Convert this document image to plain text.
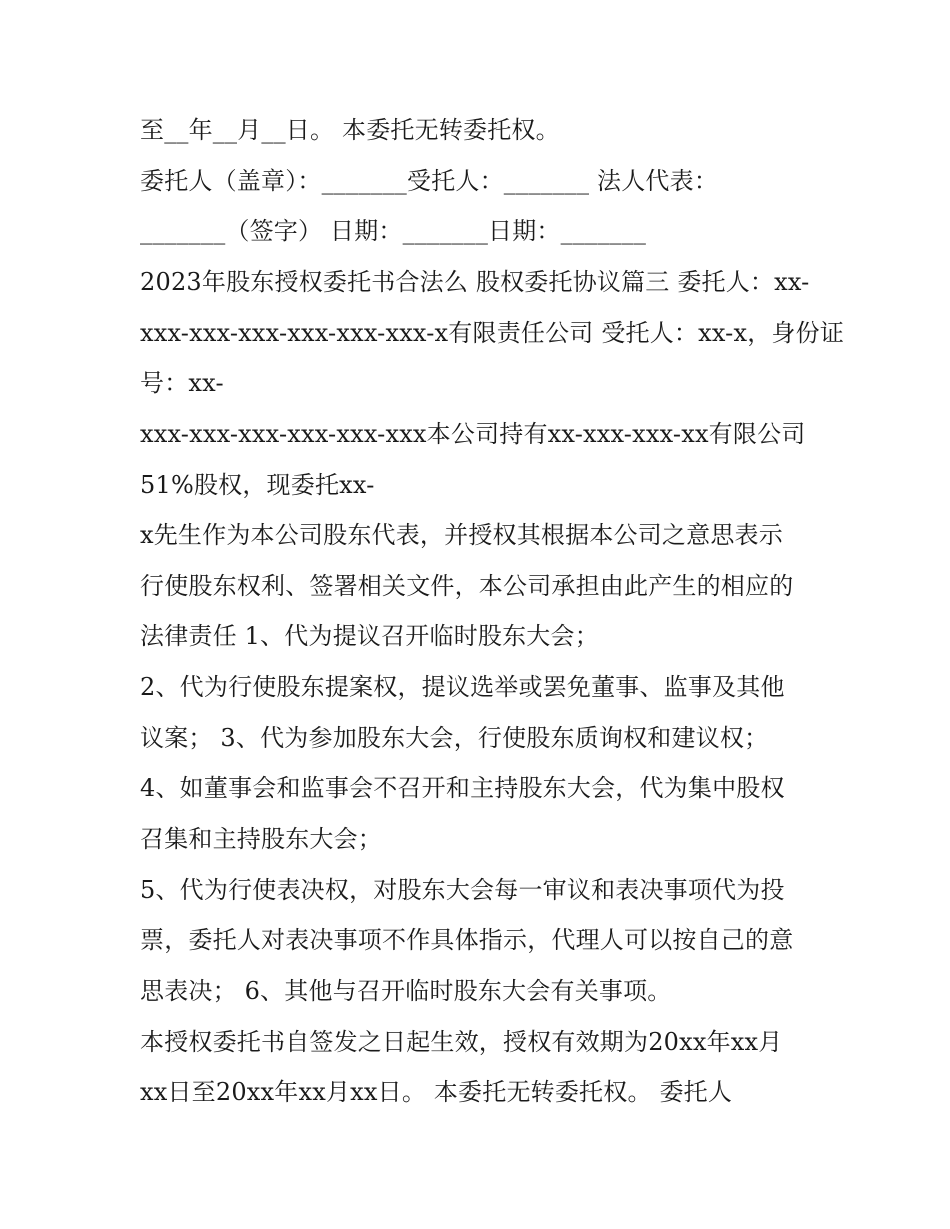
至__年__月__日。 本委托无转委托权。
委托人（盖章）：_______受托人：_______ 法人代表：
_______（签字） 日期：_______日期：_______
2023年股东授权委托书合法么 股权委托协议篇三 委托人：xx-
xxx-xxx-xxx-xxx-xxx-xxx-x有限责任公司 受托人：xx-x，身份证
号：xx-
xxx-xxx-xxx-xxx-xxx-xxx本公司持有xx-xxx-xxx-xx有限公司
51%股权，现委托xx-
x先生作为本公司股东代表，并授权其根据本公司之意思表示
行使股东权利、签署相关文件，本公司承担由此产生的相应的
法律责任 1、代为提议召开临时股东大会；
2、代为行使股东提案权，提议选举或罢免董事、监事及其他
议案； 3、代为参加股东大会，行使股东质询权和建议权；
4、如董事会和监事会不召开和主持股东大会，代为集中股权
召集和主持股东大会；
5、代为行使表决权，对股东大会每一审议和表决事项代为投
票，委托人对表决事项不作具体指示，代理人可以按自己的意
思表决； 6、其他与召开临时股东大会有关事项。
本授权委托书自签发之日起生效，授权有效期为20xx年xx月
xx日至20xx年xx月xx日。 本委托无转委托权。 委托人
